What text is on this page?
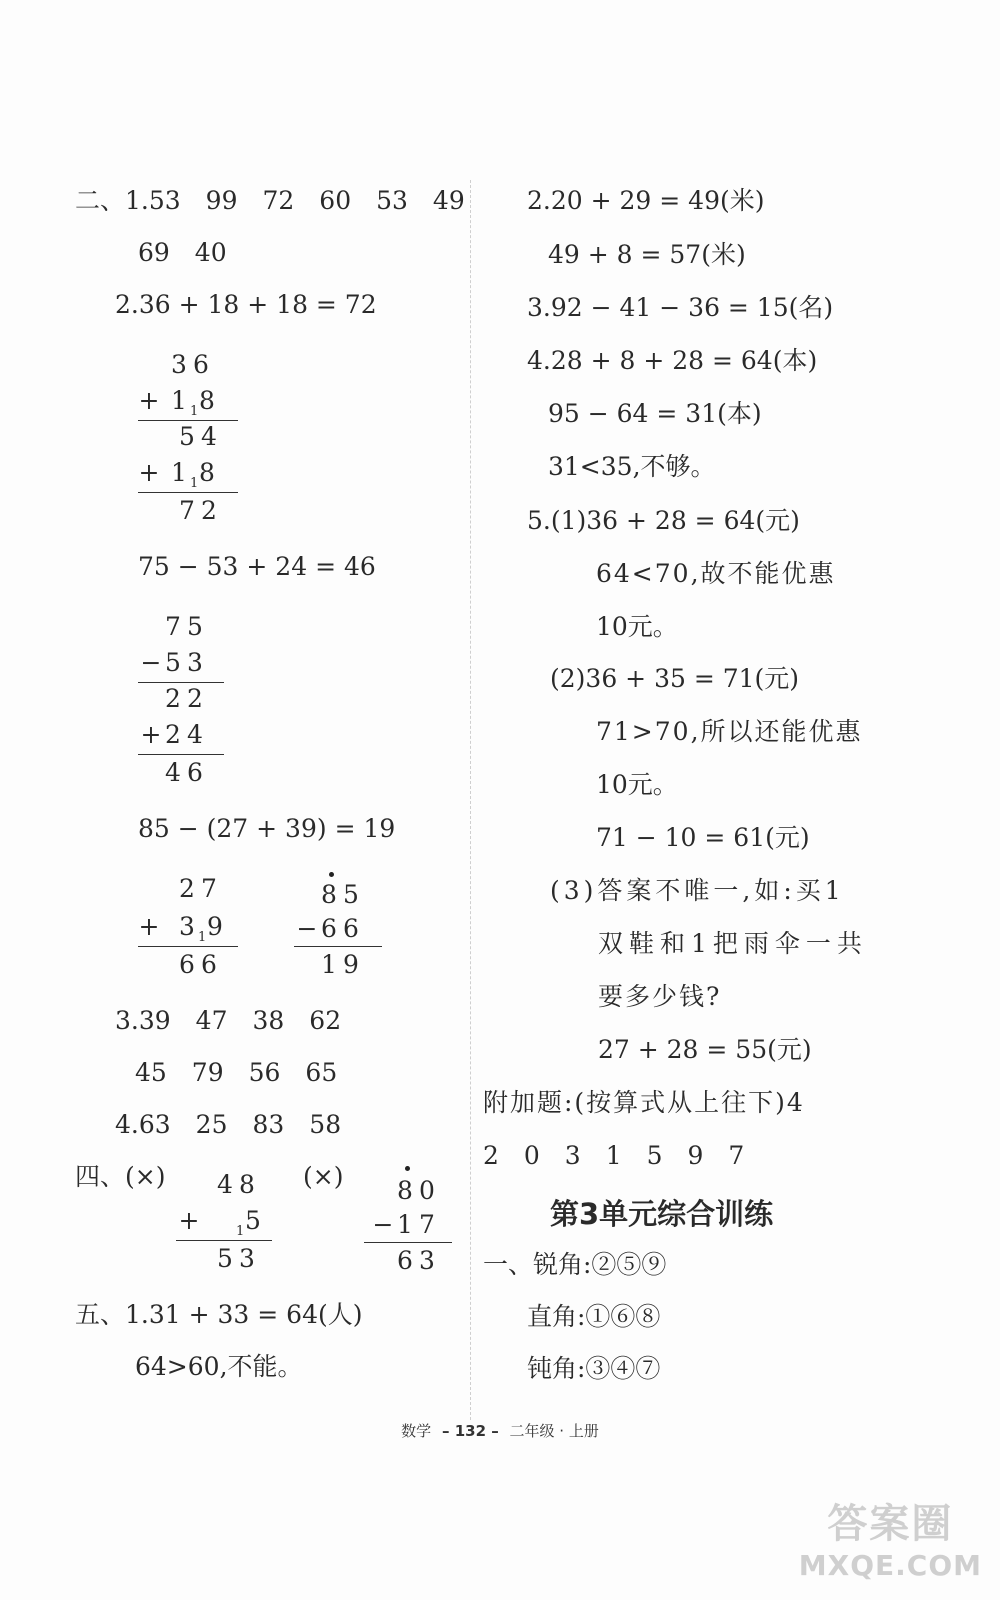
二、1.53　99　72　60　53　49
69　40
2.36 + 18 + 18 = 72
3 6
+ 1 18
5 4
+ 1 18
7 2
75 − 53 + 24 = 46
7 5
− 5 3
2 2
+ 2 4
4 6
85 − (27 + 39) = 19
2 7
+ 3 19
6 6
8 5
− 6 6
1 9
3.39　47　38　62
45　79　56　65
4.63　25　83　58
四、(×) 4 8
+	15
5 3
(×) 8 0
− 1 7
6 3
五、1.31 + 33 = 64(人)
64>60,不能。
2.20 + 29 = 49(米)
49 + 8 = 57(米)
3.92 − 41 − 36 = 15(名)
4.28 + 8 + 28 = 64(本)
95 − 64 = 31(本)
31<35,不够。
5.(1)36 + 28 = 64(元)
64<70,故不能优惠
10元。
(2)36 + 35 = 71(元)
71>70,所以还能优惠
10元。
71 − 10 = 61(元)
(3)答案不唯一,如:买1
双鞋和1把雨伞一共
要多少钱?
27 + 28 = 55(元)
附加题:(按算式从上往下)4
2　0　3　1　5　9　7
第3单元综合训练
一、锐角:②⑤⑨
直角:①⑥⑧
钝角:③④⑦
数学 – 132 – 二年级 · 上册
答案圈
MXQE.COM
